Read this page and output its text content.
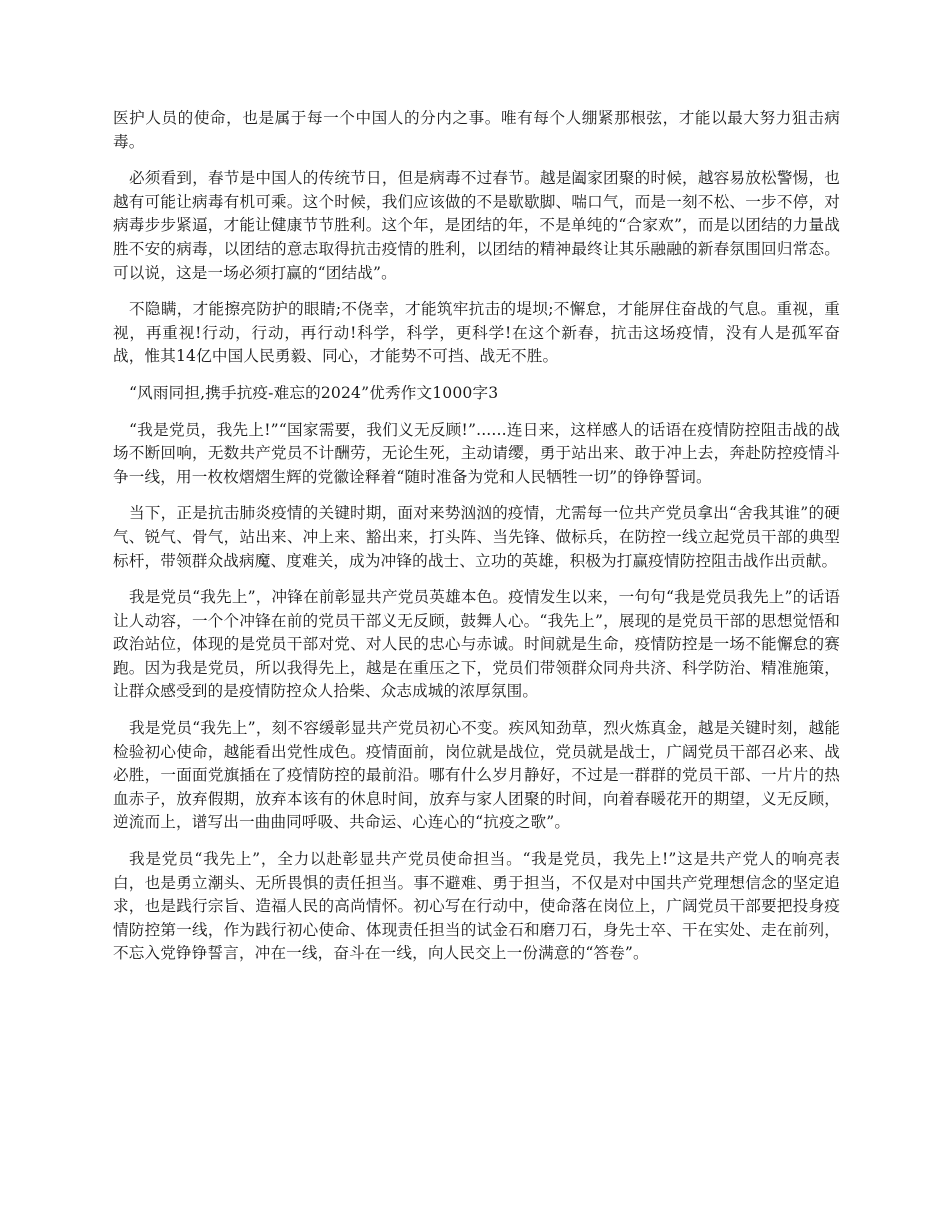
医护人员的使命，也是属于每一个中国人的分内之事。唯有每个人绷紧那根弦，才能以最大努力狙击病毒。

必须看到，春节是中国人的传统节日，但是病毒不过春节。越是阖家团聚的时候，越容易放松警惕，也越有可能让病毒有机可乘。这个时候，我们应该做的不是歇歇脚、喘口气，而是一刻不松、一步不停，对病毒步步紧逼，才能让健康节节胜利。这个年，是团结的年，不是单纯的“合家欢”，而是以团结的力量战胜不安的病毒，以团结的意志取得抗击疫情的胜利，以团结的精神最终让其乐融融的新春氛围回归常态。可以说，这是一场必须打赢的“团结战”。

不隐瞒，才能擦亮防护的眼睛;不侥幸，才能筑牢抗击的堤坝;不懈怠，才能屏住奋战的气息。重视，重视，再重视!行动，行动，再行动!科学，科学，更科学!在这个新春，抗击这场疫情，没有人是孤军奋战，惟其14亿中国人民勇毅、同心，才能势不可挡、战无不胜。

“风雨同担,携手抗疫-难忘的2024”优秀作文1000字3

“我是党员，我先上!”“国家需要，我们义无反顾!”......连日来，这样感人的话语在疫情防控阻击战的战场不断回响，无数共产党员不计酬劳，无论生死，主动请缨，勇于站出来、敢于冲上去，奔赴防控疫情斗争一线，用一枚枚熠熠生辉的党徽诠释着“随时准备为党和人民牺牲一切”的铮铮誓词。

当下，正是抗击肺炎疫情的关键时期，面对来势汹汹的疫情，尤需每一位共产党员拿出“舍我其谁”的硬气、锐气、骨气，站出来、冲上来、豁出来，打头阵、当先锋、做标兵，在防控一线立起党员干部的典型标杆，带领群众战病魔、度难关，成为冲锋的战士、立功的英雄，积极为打赢疫情防控阻击战作出贡献。

我是党员“我先上”，冲锋在前彰显共产党员英雄本色。疫情发生以来，一句句“我是党员我先上”的话语让人动容，一个个冲锋在前的党员干部义无反顾，鼓舞人心。“我先上”，展现的是党员干部的思想觉悟和政治站位，体现的是党员干部对党、对人民的忠心与赤诚。时间就是生命，疫情防控是一场不能懈怠的赛跑。因为我是党员，所以我得先上，越是在重压之下，党员们带领群众同舟共济、科学防治、精准施策，让群众感受到的是疫情防控众人拾柴、众志成城的浓厚氛围。

我是党员“我先上”，刻不容缓彰显共产党员初心不变。疾风知劲草，烈火炼真金，越是关键时刻，越能检验初心使命，越能看出党性成色。疫情面前，岗位就是战位，党员就是战士，广阔党员干部召必来、战必胜，一面面党旗插在了疫情防控的最前沿。哪有什么岁月静好，不过是一群群的党员干部、一片片的热血赤子，放弃假期，放弃本该有的休息时间，放弃与家人团聚的时间，向着春暖花开的期望，义无反顾，逆流而上，谱写出一曲曲同呼吸、共命运、心连心的“抗疫之歌”。

我是党员“我先上”，全力以赴彰显共产党员使命担当。“我是党员，我先上!”这是共产党人的响亮表白，也是勇立潮头、无所畏惧的责任担当。事不避难、勇于担当，不仅是对中国共产党理想信念的坚定追求，也是践行宗旨、造福人民的高尚情怀。初心写在行动中，使命落在岗位上，广阔党员干部要把投身疫情防控第一线，作为践行初心使命、体现责任担当的试金石和磨刀石，身先士卒、干在实处、走在前列，不忘入党铮铮誓言，冲在一线，奋斗在一线，向人民交上一份满意的“答卷”。
